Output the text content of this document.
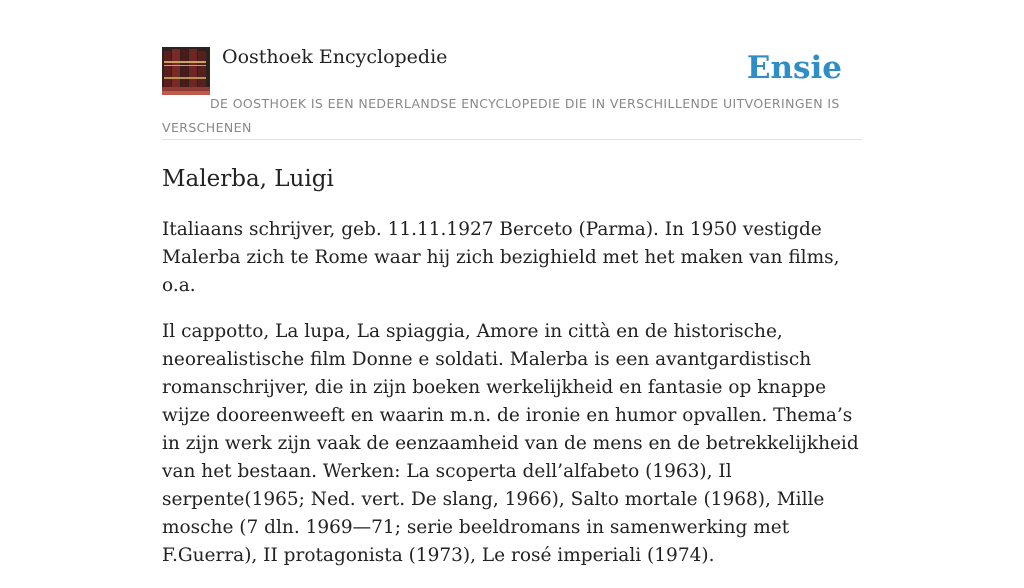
Oosthoek Encyclopedie	Ensie
DE OOSTHOEK IS EEN NEDERLANDSE ENCYCLOPEDIE DIE IN VERSCHILLENDE UITVOERINGEN IS VERSCHENEN
Malerba, Luigi

Italiaans schrijver, geb. 11.11.1927 Berceto (Parma). In 1950 vestigde Malerba zich te Rome waar hij zich bezighield met het maken van films, o.a.

Il cappotto, La lupa, La spiaggia, Amore in città en de historische, neorealistische film Donne e soldati. Malerba is een avantgardistisch romanschrijver, die in zijn boeken werkelijkheid en fantasie op knappe wijze dooreenweeft en waarin m.n. de ironie en humor opvallen. Thema’s in zijn werk zijn vaak de eenzaamheid van de mens en de betrekkelijkheid van het bestaan. Werken: La scoperta dell’alfabeto (1963), Il serpente(1965; Ned. vert. De slang, 1966), Salto mortale (1968), Mille mosche (7 dln. 1969—71; serie beeldromans in samenwerking met F.Guerra), II protagonista (1973), Le rosé imperiali (1974).
